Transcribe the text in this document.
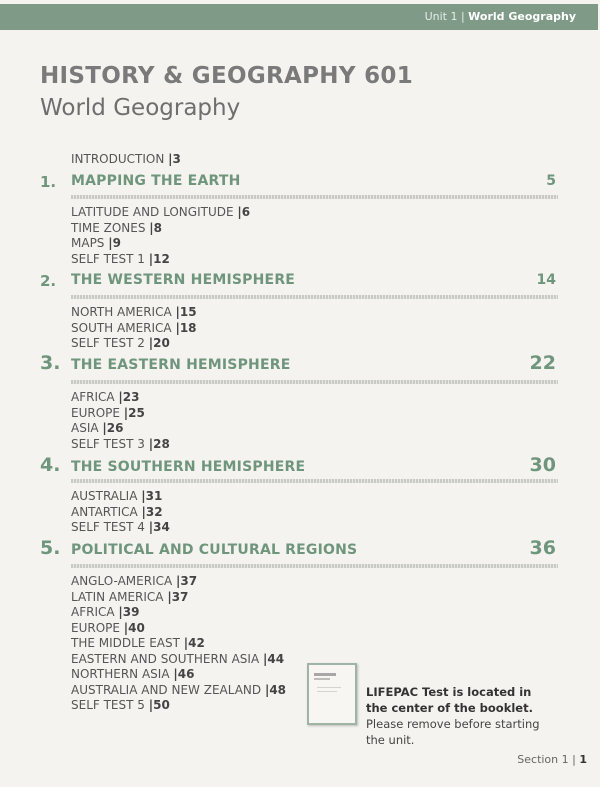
Unit 1 | World Geography
HISTORY & GEOGRAPHY 601
World Geography
INTRODUCTION |3
1. MAPPING THE EARTH	5
LATITUDE AND LONGITUDE |6
TIME ZONES |8
MAPS |9
SELF TEST 1 |12
2. THE WESTERN HEMISPHERE	14
NORTH AMERICA |15
SOUTH AMERICA |18
SELF TEST 2 |20
3. THE EASTERN HEMISPHERE	22
AFRICA |23
EUROPE |25
ASIA |26
SELF TEST 3 |28
4. THE SOUTHERN HEMISPHERE	30
AUSTRALIA |31
ANTARTICA |32
SELF TEST 4 |34
5. POLITICAL AND CULTURAL REGIONS	36
ANGLO-AMERICA |37
LATIN AMERICA |37
AFRICA |39
EUROPE |40
THE MIDDLE EAST |42
EASTERN AND SOUTHERN ASIA |44
NORTHERN ASIA |46
AUSTRALIA AND NEW ZEALAND |48
SELF TEST 5 |50
LIFEPAC Test is located in the center of the booklet. Please remove before starting the unit.
Section 1 | 1
